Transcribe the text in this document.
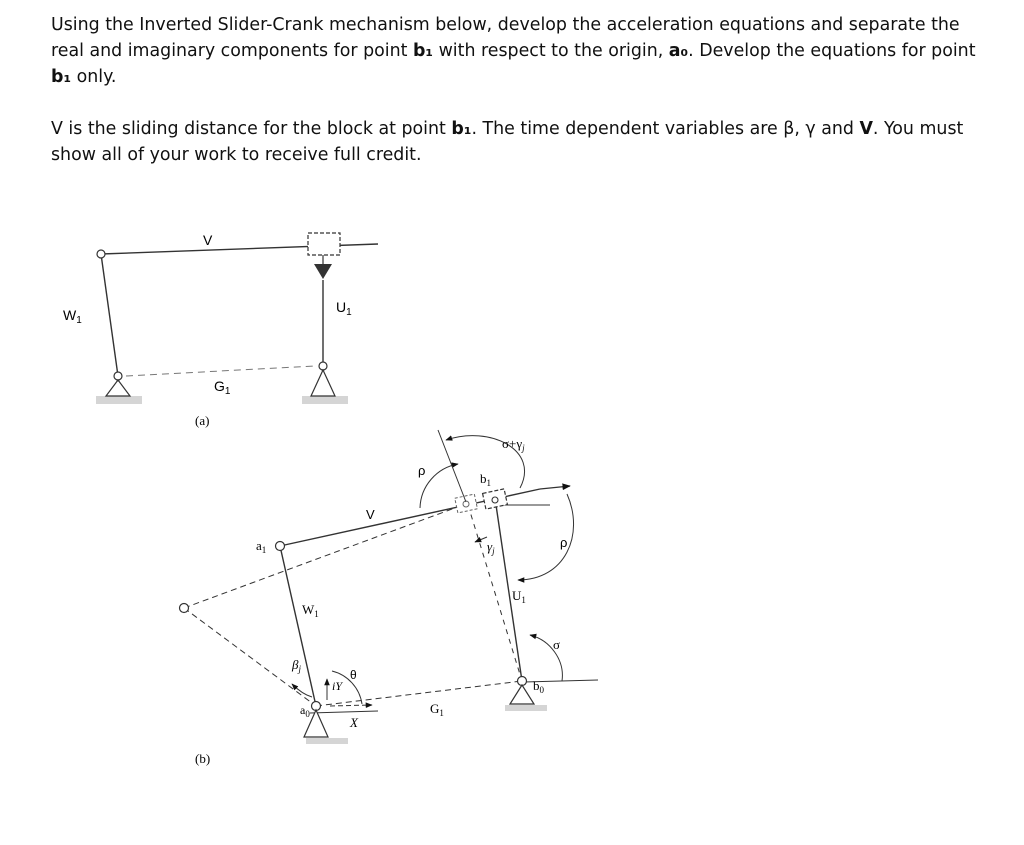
Using the Inverted Slider-Crank mechanism below, develop the acceleration equations and separate the real and imaginary components for point b₁ with respect to the origin, a₀. Develop the equations for point b₁ only.

V is the sliding distance for the block at point b₁. The time dependent variables are β, γ and V. You must show all of your work to receive full credit.

V
$W_1$
$U_1$
$G_1$
(a)
$a_1$
V
$W_1$
$\beta_j$
iY
θ
$a_0$
X
$G_1$
$b_0$
σ
$U_1$
$\gamma_j$
ρ
ρ
$b_1$
$\sigma+\gamma_j$
(b)
